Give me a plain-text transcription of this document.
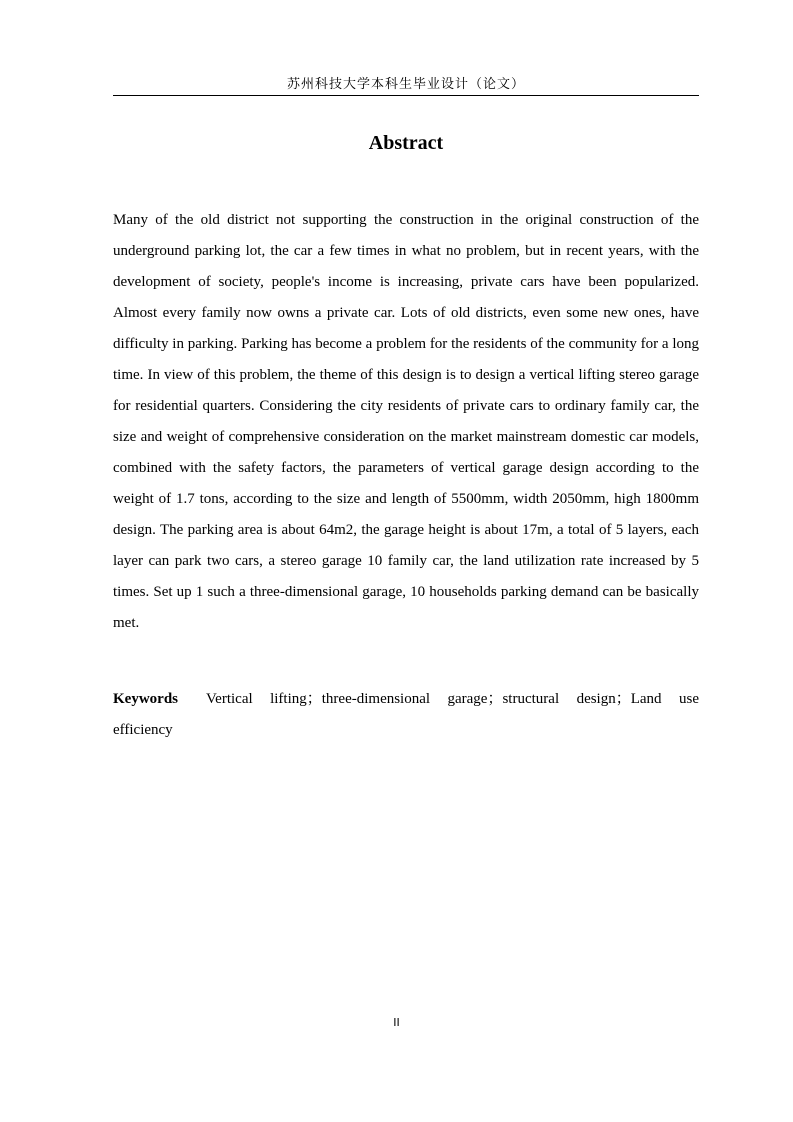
苏州科技大学本科生毕业设计（论文）
Abstract
Many of the old district not supporting the construction in the original construction of the underground parking lot, the car a few times in what no problem, but in recent years, with the development of society, people's income is increasing, private cars have been popularized. Almost every family now owns a private car. Lots of old districts, even some new ones, have difficulty in parking. Parking has become a problem for the residents of the community for a long time. In view of this problem, the theme of this design is to design a vertical lifting stereo garage for residential quarters. Considering the city residents of private cars to ordinary family car, the size and weight of comprehensive consideration on the market mainstream domestic car models, combined with the safety factors, the parameters of vertical garage design according to the weight of 1.7 tons, according to the size and length of 5500mm, width 2050mm, high 1800mm design. The parking area is about 64m2, the garage height is about 17m, a total of 5 layers, each layer can park two cars, a stereo garage 10 family car, the land utilization rate increased by 5 times. Set up 1 such a three-dimensional garage, 10 households parking demand can be basically met.
Keywords Vertical lifting；three-dimensional garage；structural design；Land use efficiency
II
